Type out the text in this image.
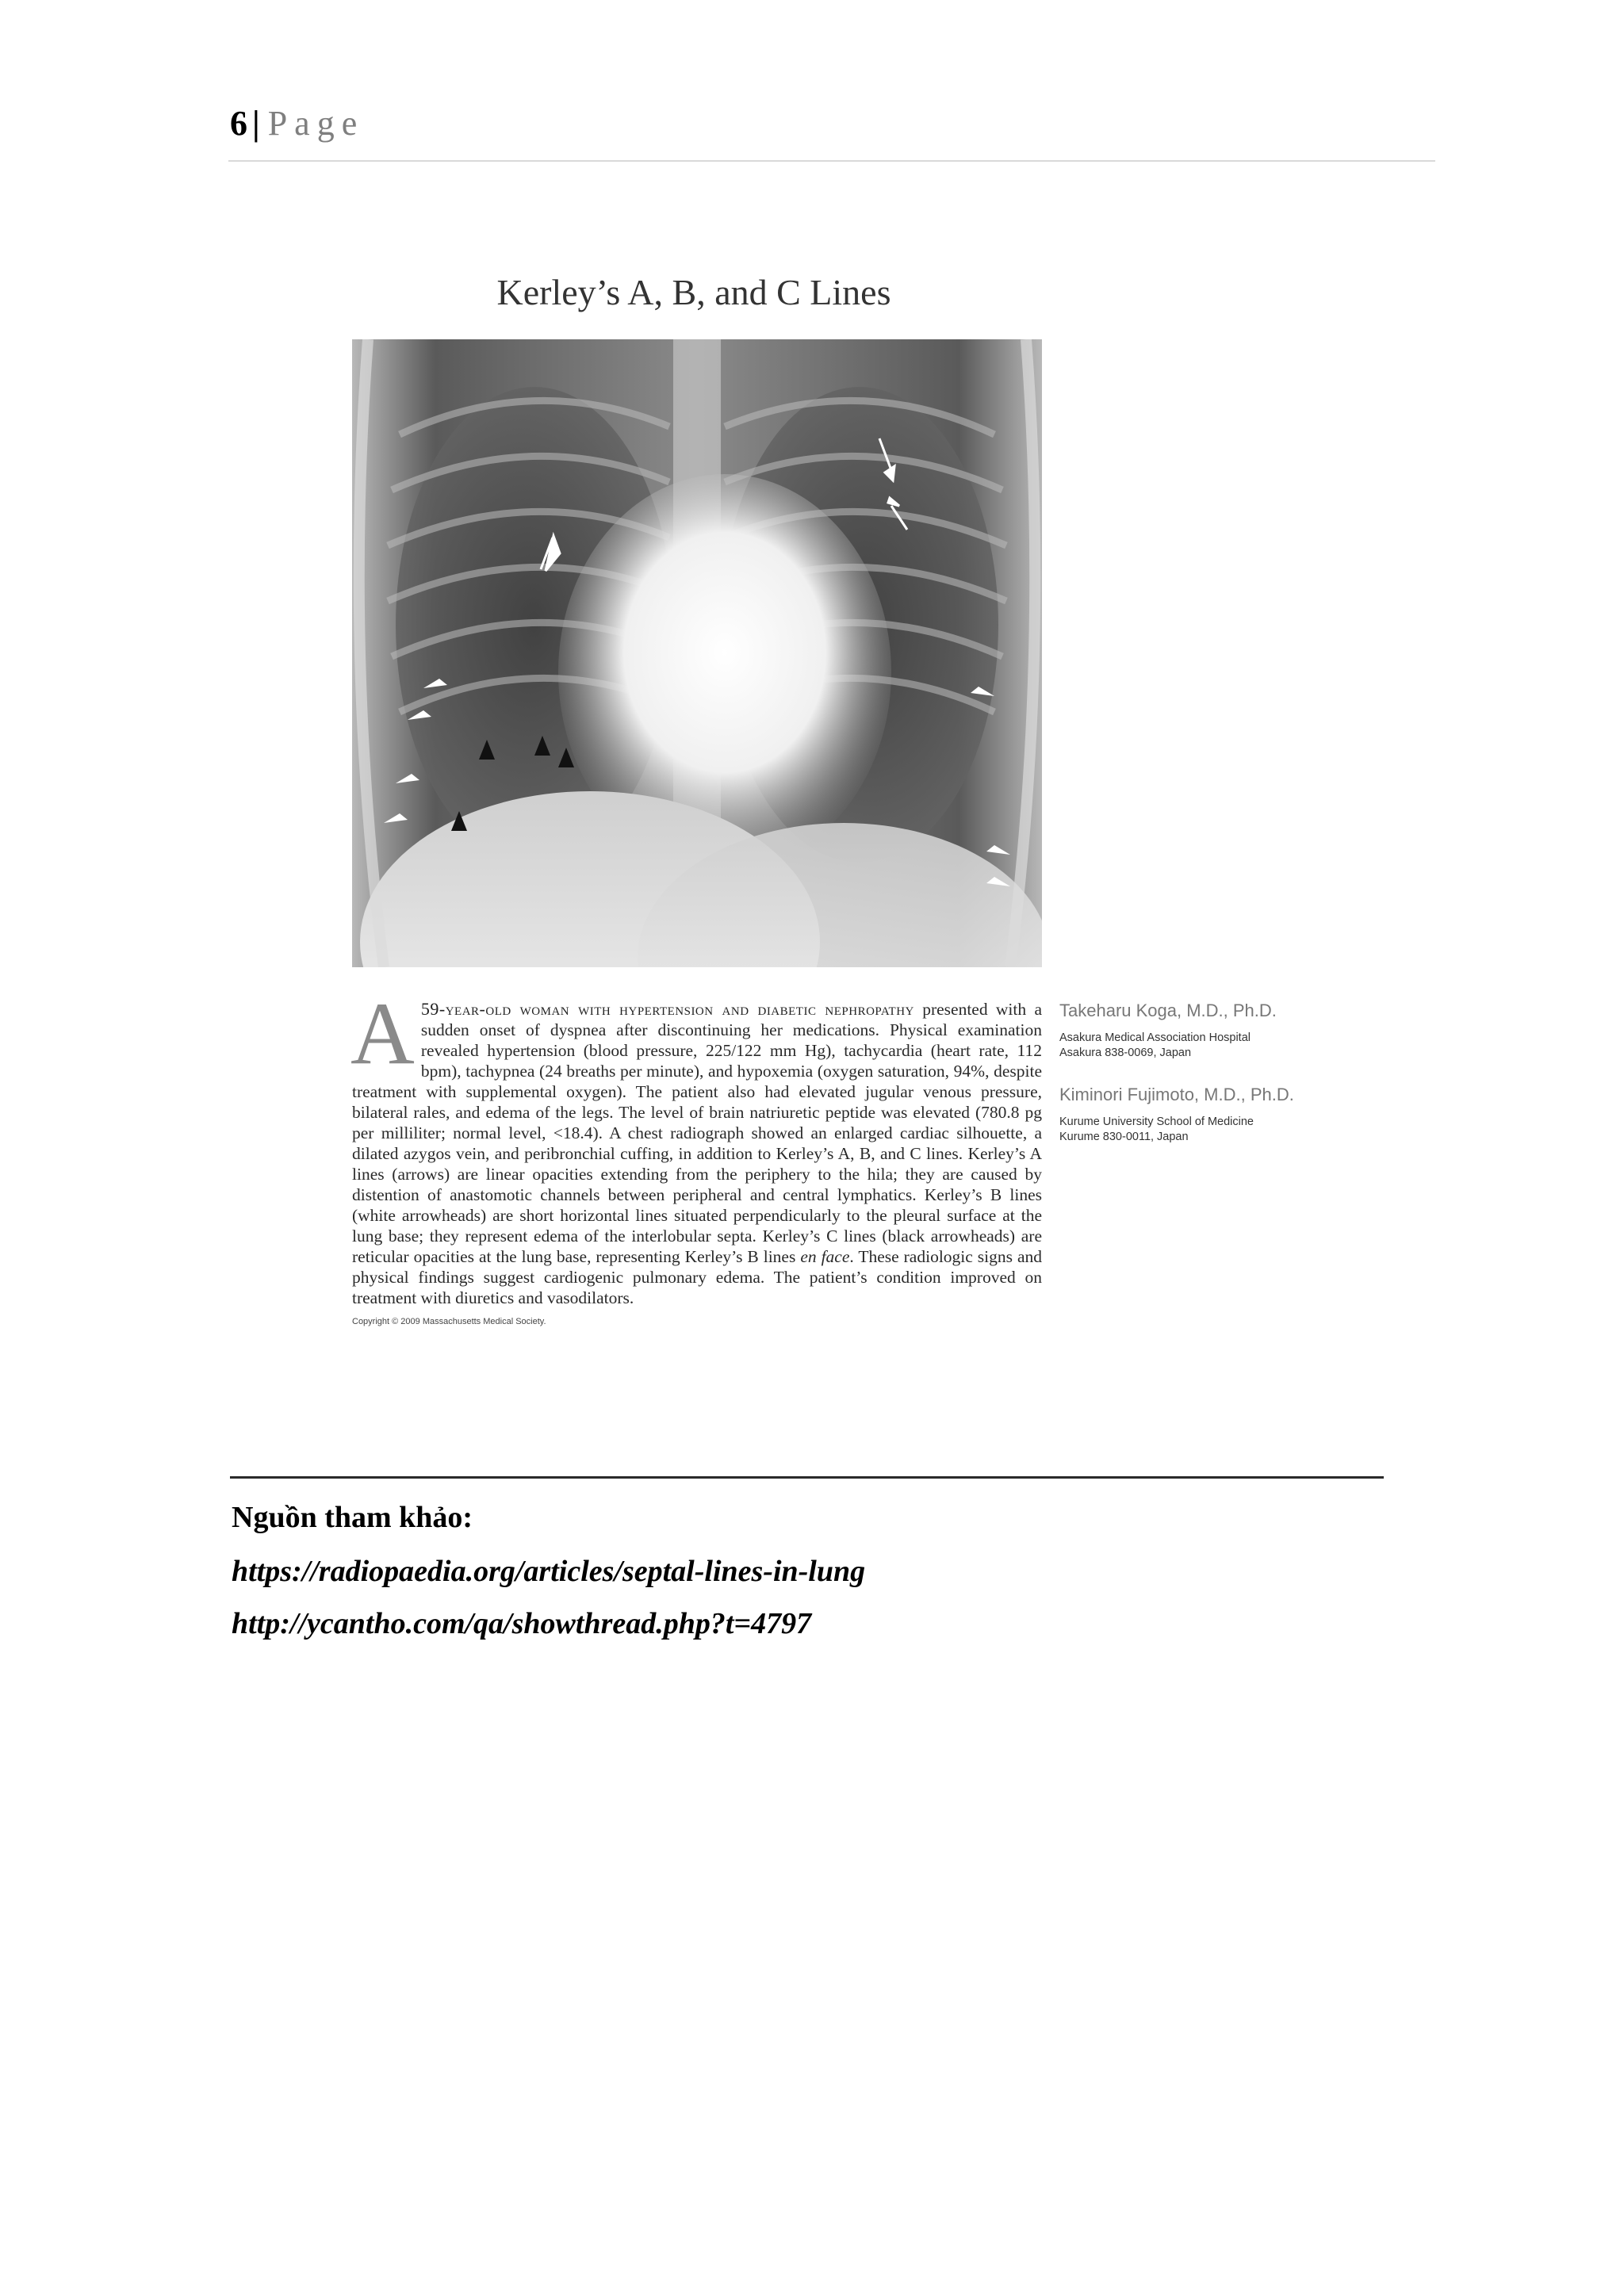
6| Page
Kerley’s A, B, and C Lines
A 59-year-old woman with hypertension and diabetic nephropathy presented with a sudden onset of dyspnea after discontinuing her medications. Physical examination revealed hypertension (blood pressure, 225/122 mm Hg), tachycardia (heart rate, 112 bpm), tachypnea (24 breaths per minute), and hypoxemia (oxygen saturation, 94%, despite treatment with supplemental oxygen). The patient also had elevated jugular venous pressure, bilateral rales, and edema of the legs. The level of brain natriuretic peptide was elevated (780.8 pg per milliliter; normal level, <18.4). A chest radiograph showed an enlarged cardiac silhouette, a dilated azygos vein, and peribronchial cuffing, in addition to Kerley’s A, B, and C lines. Kerley’s A lines (arrows) are linear opacities extending from the periphery to the hila; they are caused by distention of anastomotic channels between peripheral and central lymphatics. Kerley’s B lines (white arrowheads) are short horizontal lines situated perpendicularly to the pleural surface at the lung base; they represent edema of the interlobular septa. Kerley’s C lines (black arrowheads) are reticular opacities at the lung base, representing Kerley’s B lines en face. These radiologic signs and physical findings suggest cardiogenic pulmonary edema. The patient’s condition improved on treatment with diuretics and vasodilators.
Copyright © 2009 Massachusetts Medical Society.
Takeharu Koga, M.D., Ph.D.
Asakura Medical Association Hospital
Asakura 838-0069, Japan
Kiminori Fujimoto, M.D., Ph.D.
Kurume University School of Medicine
Kurume 830-0011, Japan
Nguồn tham khảo:
https://radiopaedia.org/articles/septal-lines-in-lung
http://ycantho.com/qa/showthread.php?t=4797
